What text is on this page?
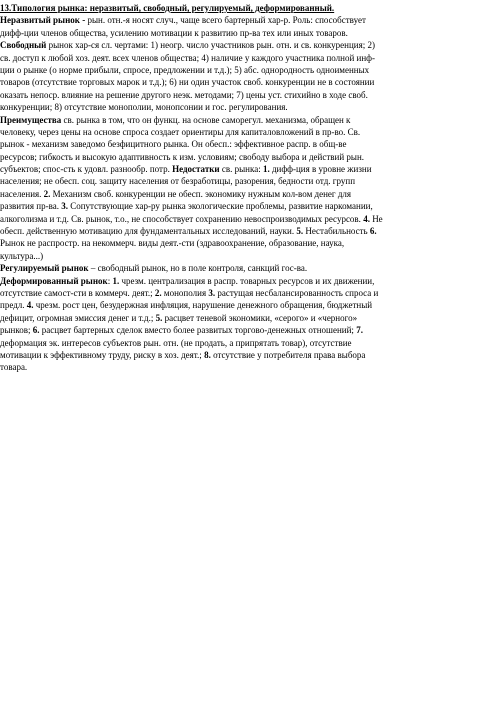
13.Типология рынка: неразвитый, свободный, регулируемый, деформированный.
Неразвитый рынок - рын. отн.-я носят случ., чаще всего бартерный хар-р. Роль: способствует
дифф-ции членов общества, усилению мотивации к развитию пр-ва тех или иных товаров.
Свободный рынок хар-ся сл. чертами: 1) неогр. число участников рын. отн. и св. конкуренция; 2)
св. доступ к любой хоз. деят. всех членов общества; 4) наличие у каждого участника полной инф-
ции о рынке (о норме прибыли, спросе, предложении и т.д.); 5) абс. однородность одноименных
товаров (отсутствие торговых марок и т.д.); 6) ни один участок своб. конкуренции не в состоянии
оказать непоср. влияние на решение другого неэк. методами; 7) цены уст. стихийно в ходе своб.
конкуренции; 8) отсутствие монополии, монопсонии и гос. регулирования.
Преимущества св. рынка в том, что он функц. на основе саморегул. механизма, обращен к
человеку, через цены на основе спроса создает ориентиры для капиталовложений в пр-во. Св.
рынок - механизм заведомо безфицитного рынка. Он обесп.: эффективное распр. в общ-ве
ресурсов; гибкость и высокую адаптивность к изм. условиям; свободу выбора и действий рын.
субъектов; спос-сть к удовл. разнообр. потр. Недостатки св. рынка: 1. дифф-ция в уровне жизни
населения; не обесп. соц. защиту населения от безработицы, разорения, бедности отд. групп
населения. 2. Механизм своб. конкуренции не обесп. экономику нужным кол-вом денег для
развития пр-ва. 3. Сопутствующие хар-ру рынка экологические проблемы, развитие наркомании,
алкоголизма и т.д. Св. рынок, т.о., не способствует сохранению невоспроизводимых ресурсов. 4. Не
обесп. действенную мотивацию для фундаментальных исследований, науки. 5. Нестабильность 6.
Рынок не распростр. на некоммерч. виды деят.-сти (здравоохранение, образование, наука,
культура...)
Регулируемый рынок – свободный рынок, но в поле контроля, санкций гос-ва.
Деформированный рынок: 1. чрезм. централизация в распр. товарных ресурсов и их движении,
отсутствие самост-сти в коммерч. деят.; 2. монополия 3. растущая несбалансированность спроса и
предл. 4. чрезм. рост цен, безудержная инфляция, нарушение денежного обращения, бюджетный
дефицит, огромная эмиссия денег и т.д.; 5. расцвет теневой экономики, «серого» и «черного»
рынков; 6. расцвет бартерных сделок вместо более развитых торгово-денежных отношений; 7.
деформация эк. интересов субъектов рын. отн. (не продать, а припрятать товар), отсутствие
мотивации к эффективному труду, риску в хоз. деят.; 8. отсутствие у потребителя права выбора
товара.
